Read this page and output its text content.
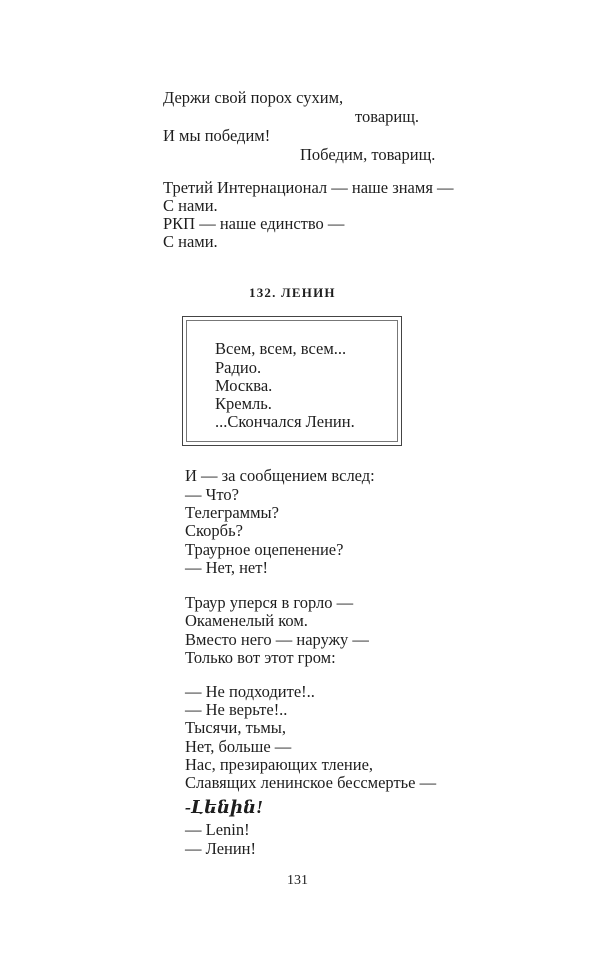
Держи свой порох сухим,
товарищ.
И мы победим!
Победим, товарищ.
Третий Интернационал — наше знамя —
С нами.
РКП — наше единство —
С нами.
132. ЛЕНИН
Всем, всем, всем...
Радио.
Москва.
Кремль.
...Скончался Ленин.
И — за сообщением вслед:
— Что?
Телеграммы?
Скорбь?
Траурное оцепенение?
— Нет, нет!
Траур уперся в горло —
Окаменелый ком.
Вместо него — наружу —
Только вот этот гром:
— Не подходите!..
— Не верьте!..
Тысячи, тьмы,
Нет, больше —
Нас, презирающих тление,
Славящих ленинское бессмертье —
-Լենին!
— Lenin!
— Ленин!
131
